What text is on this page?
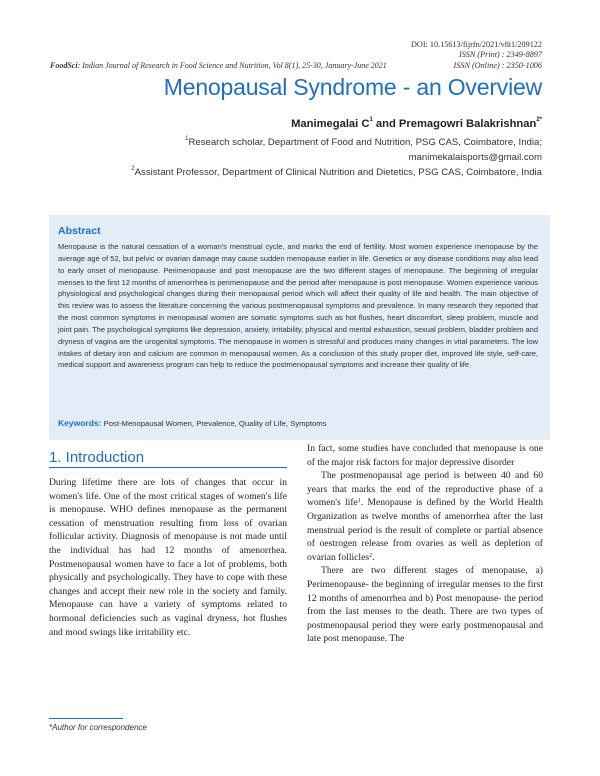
DOI: 10.15613/fijrfn/2021/v8i1/209122
ISSN (Print) : 2349-8897
ISSN (Online) : 2350-1006
FoodSci: Indian Journal of Research in Food Science and Nutrition, Vol 8(1), 25-30, January-June 2021
Menopausal Syndrome - an Overview
Manimegalai $C^1$ and Premagowri Balakrishnan$^{2*}$
$^1$Research scholar, Department of Food and Nutrition, PSG CAS, Coimbatore, India;
manimekalaisports@gmail.com
$^2$Assistant Professor, Department of Clinical Nutrition and Dietetics, PSG CAS, Coimbatore, India
Abstract

Menopause is the natural cessation of a woman's menstrual cycle, and marks the end of fertility. Most women experience menopause by the average age of 52, but pelvic or ovarian damage may cause sudden menopause earlier in life. Genetics or any disease conditions may also lead to early onset of menopause. Perimenopause and post menopause are the two different stages of menopause. The beginning of irregular menses to the first 12 months of amenorrhea is perimenopause and the period after menopause is post menopause. Women experience various physiological and psychological changes during their menopausal period which will affect their quality of life and health. The main objective of this review was to assess the literature concerning the various postmenopausal symptoms and prevalence. In many research they reported that the most common symptoms in menopausal women are somatic symptoms such as hot flushes, heart discomfort, sleep problem, muscle and joint pain. The psychological symptoms like depression, anxiety, irritability, physical and mental exhaustion, sexual problem, bladder problem and dryness of vagina are the urogenital symptoms. The menopause in women is stressful and produces many changes in vital parameters. The low intakes of dietary iron and calcium are common in menopausal women. As a conclusion of this study proper diet, improved life style, self-care, medical support and awareness program can help to reduce the postmenopausal symptoms and increase their quality of life.

Keywords: Post-Menopausal Women, Prevalence, Quality of Life, Symptoms
1. Introduction

During lifetime there are lots of changes that occur in women's life. One of the most critical stages of women's life is menopause. WHO defines menopause as the permanent cessation of menstruation resulting from loss of ovarian follicular activity. Diagnosis of menopause is not made until the individual has had 12 months of amenorrhea. Postmenopausal women have to face a lot of problems, both physically and psychologically. They have to cope with these changes and accept their new role in the society and family. Menopause can have a variety of symptoms related to hormonal deficiencies such as vaginal dryness, hot flushes and mood swings like irritability etc.

In fact, some studies have concluded that menopause is one of the major risk factors for major depressive disorder

The postmenopausal age period is between 40 and 60 years that marks the end of the reproductive phase of a women's life$^1$. Menopause is defined by the World Health Organization as twelve months of amenorrhea after the last menstrual period is the result of complete or partial absence of oestrogen release from ovaries as well as depletion of ovarian follicles$^2$.

There are two different stages of menopause, a) Perimenopause- the beginning of irregular menses to the first 12 months of amenorrhea and b) Post menopause- the period from the last menses to the death. There are two types of postmenopausal period they were early postmenopausal and late post menopause. The

*Author for correspondence
